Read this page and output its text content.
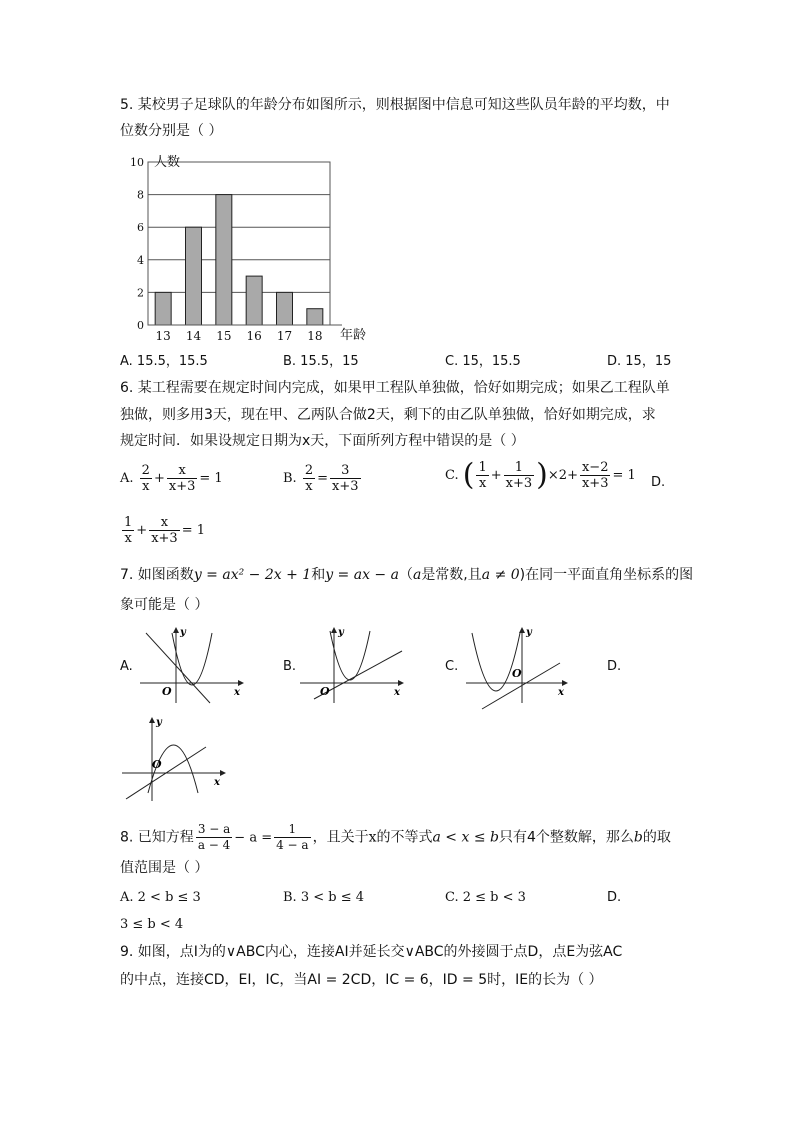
5. 某校男子足球队的年龄分布如图所示，则根据图中信息可知这些队员年龄的平均数，中
位数分别是（ ）
0
2
4
6
8
10
13 14 15 16 17 18
人数
年龄
A. 15.5，15.5	B. 15.5，15	C. 15，15.5	D. 15，15
6. 某工程需要在规定时间内完成，如果甲工程队单独做，恰好如期完成；如果乙工程队单
独做，则多用3天，现在甲、乙两队合做2天，剩下的由乙队单独做，恰好如期完成，求
规定时间．如果设规定日期为x天，下面所列方程中错误的是（ ）
A. $\frac{2}{x} + \frac{x}{x+3} = 1$	B. $\frac{2}{x} = \frac{3}{x+3}$	C. ( $\frac{1}{x} + \frac{1}{x+3} )\times 2+ \frac{x-2}{x+3} = 1$ D.
$\frac{1}{x} + \frac{x}{x+3} = 1$
7. 如图函数y = ax² − 2x + 1和y = ax − a（a是常数,且a ≠ 0)在同一平面直角坐标系的图
象可能是（ ）
A.	B.	C.	D.
y
x
O
y
x
O
y
x
O
y
x
O
8. 已知方程 $\frac{3 - a}{a - 4} - a = \frac{1}{4 - a}$ ，且关于x的不等式a < x ≤ b只有4个整数解，那么b的取
值范围是（ ）
A. 2 < b ≤ 3	B. 3 < b ≤ 4	C. 2 ≤ b < 3	D.
3 ≤ b < 4
9. 如图，点I为的∨ABC内心，连接AI并延长交∨ABC的外接圆于点D，点E为弦AC
的中点，连接CD，EI，IC，当AI = 2CD，IC = 6，ID = 5时，IE的长为（ ）
